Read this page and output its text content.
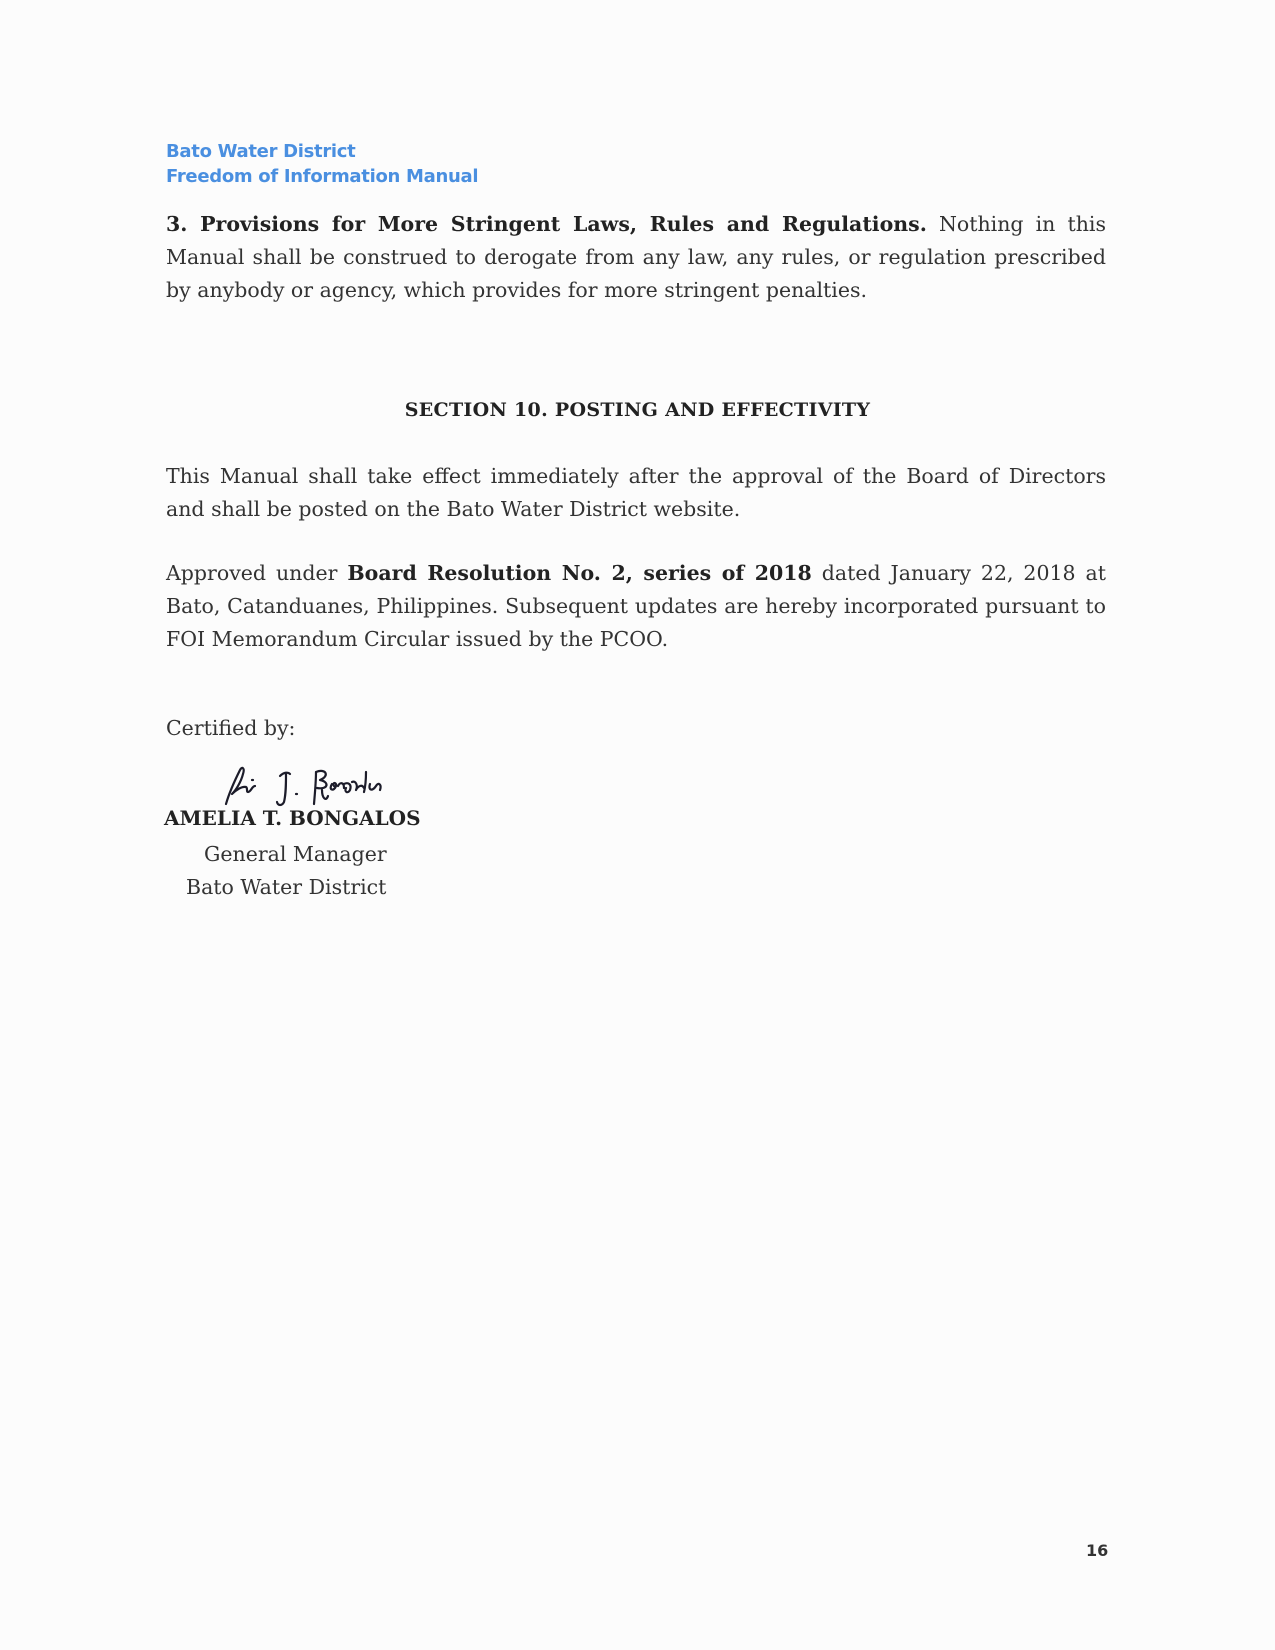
Bato Water District
Freedom of Information Manual
3. Provisions for More Stringent Laws, Rules and Regulations. Nothing in this Manual shall be construed to derogate from any law, any rules, or regulation prescribed by anybody or agency, which provides for more stringent penalties.
SECTION 10. POSTING AND EFFECTIVITY
This Manual shall take effect immediately after the approval of the Board of Directors and shall be posted on the Bato Water District website.
Approved under Board Resolution No. 2, series of 2018 dated January 22, 2018 at Bato, Catanduanes, Philippines. Subsequent updates are hereby incorporated pursuant to FOI Memorandum Circular issued by the PCOO.
Certified by:
AMELIA T. BONGALOS
General Manager
Bato Water District
16
